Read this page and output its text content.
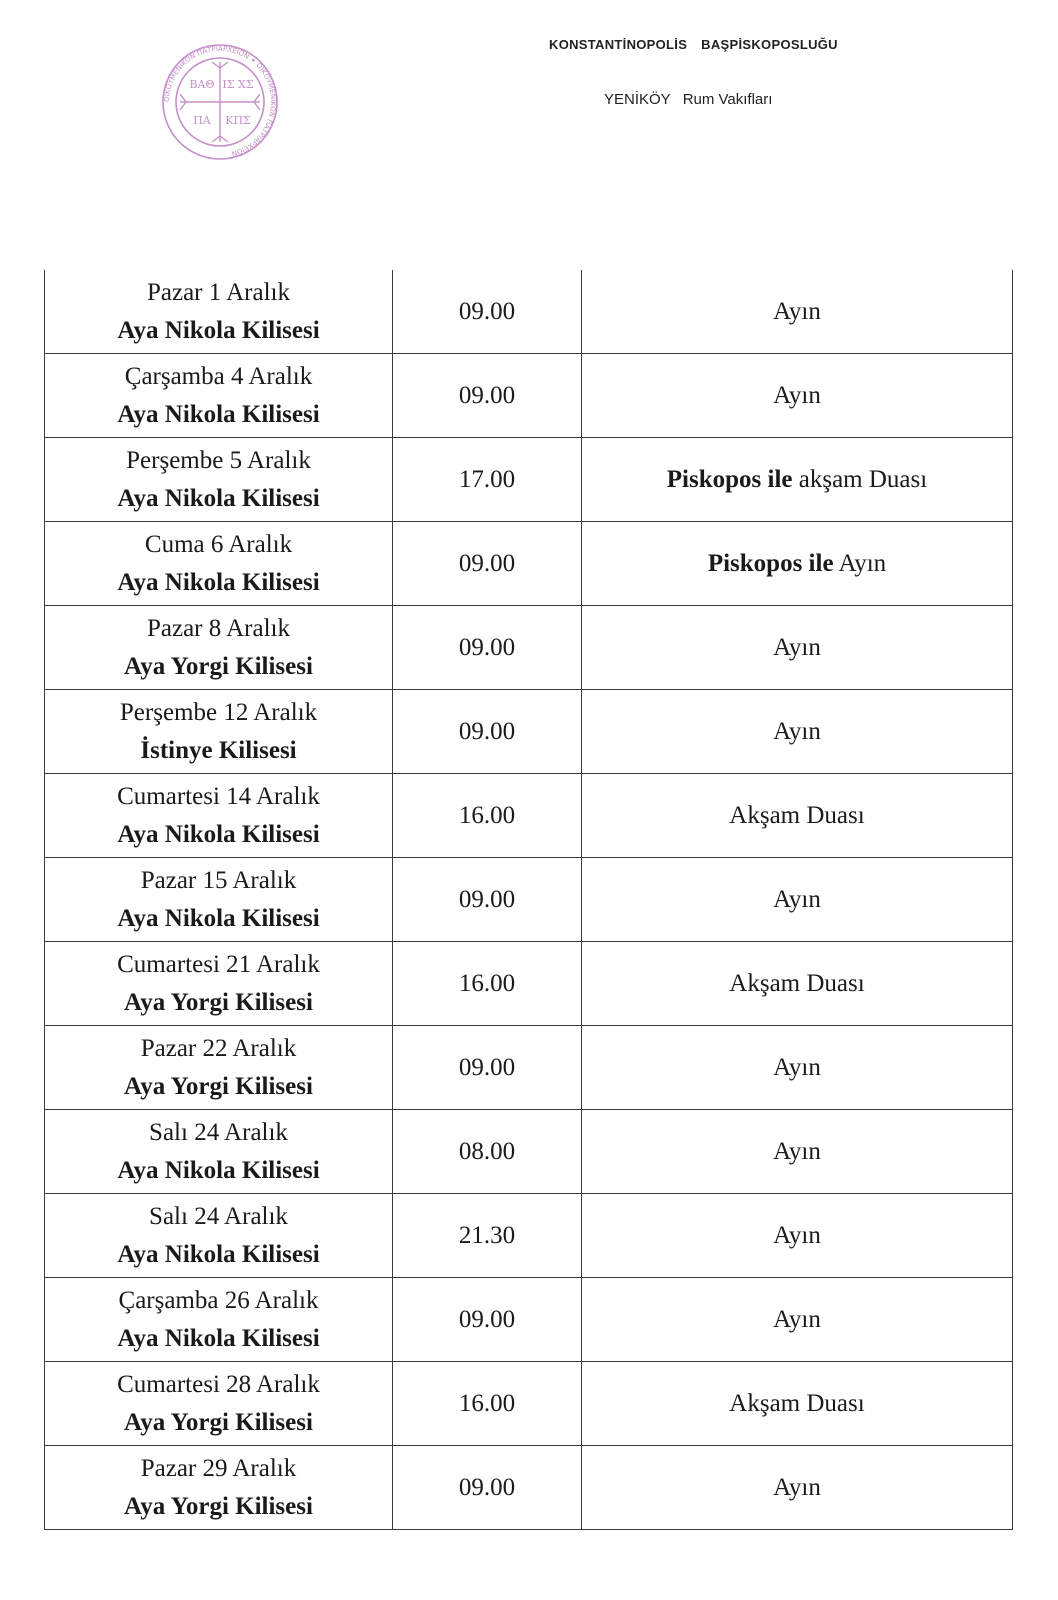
ΒΑΘ ΙΣ ΧΣ
ΠΑ ΚΠΣ
ΟΙΚΟΥΜΕΝΙΚΟΝ ΠΑΤΡΙΑΡΧΕΙΟΝ ✦ ΟΙΚΟΥΜΕΝΙΚΟΝ ΠΑΤΡΙΑΡΧΕΙΟΝ
KONSTANTİNOPOLİS BAŞPİSKOPOSLUĞU
YENİKÖY Rum Vakıfları
Pazar 1 Aralık
Aya Nikola Kilisesi	09.00	Ayın

Çarşamba 4 Aralık
Aya Nikola Kilisesi	09.00	Ayın

Perşembe 5 Aralık
Aya Nikola Kilisesi	17.00	Piskopos ile akşam Duası

Cuma 6 Aralık
Aya Nikola Kilisesi	09.00	Piskopos ile Ayın

Pazar 8 Aralık
Aya Yorgi Kilisesi	09.00	Ayın

Perşembe 12 Aralık
İstinye Kilisesi	09.00	Ayın

Cumartesi 14 Aralık
Aya Nikola Kilisesi	16.00	Akşam Duası

Pazar 15 Aralık
Aya Nikola Kilisesi	09.00	Ayın

Cumartesi 21 Aralık
Aya Yorgi Kilisesi	16.00	Akşam Duası

Pazar 22 Aralık
Aya Yorgi Kilisesi	09.00	Ayın

Salı 24 Aralık
Aya Nikola Kilisesi	08.00	Ayın

Salı 24 Aralık
Aya Nikola Kilisesi	21.30	Ayın

Çarşamba 26 Aralık
Aya Nikola Kilisesi	09.00	Ayın

Cumartesi 28 Aralık
Aya Yorgi Kilisesi	16.00	Akşam Duası

Pazar 29 Aralık
Aya Yorgi Kilisesi	09.00	Ayın
